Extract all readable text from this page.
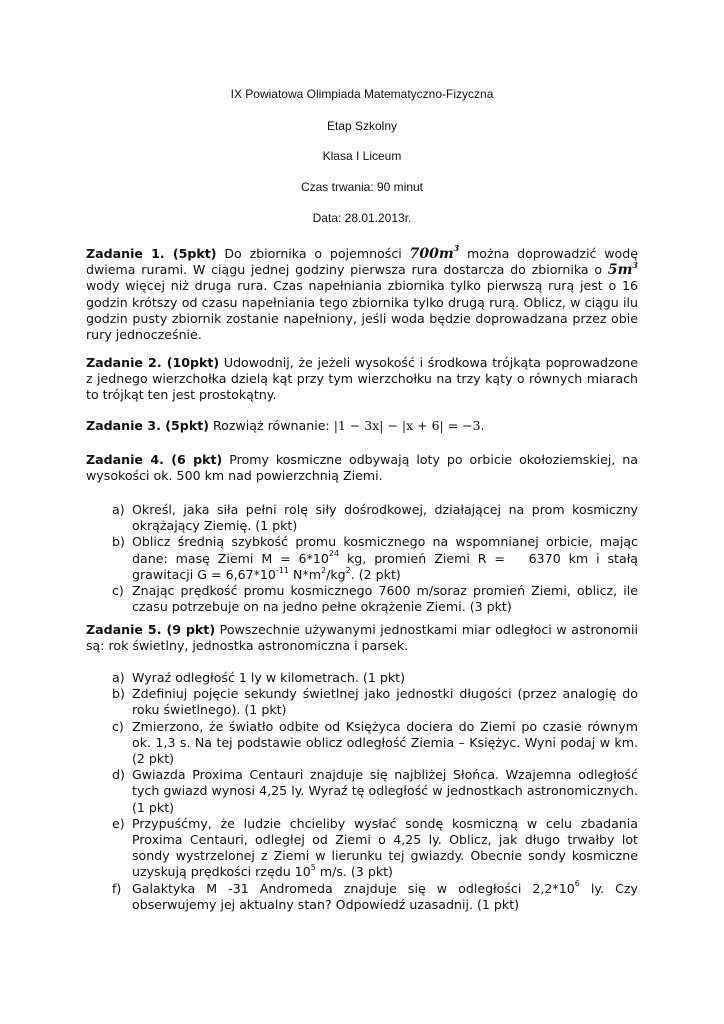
IX Powiatowa Olimpiada Matematyczno-Fizyczna
Etap Szkolny
Klasa I Liceum
Czas trwania: 90 minut
Data: 28.01.2013r.

Zadanie 1. (5pkt) Do zbiornika o pojemności $700m^3$ można doprowadzić wodę dwiema rurami. W ciągu jednej godziny pierwsza rura dostarcza do zbiornika o $5m^3$ wody więcej niż druga rura. Czas napełniania zbiornika tylko pierwszą rurą jest o 16 godzin krótszy od czasu napełniania tego zbiornika tylko drugą rurą. Oblicz, w ciągu ilu godzin pusty zbiornik zostanie napełniony, jeśli woda będzie doprowadzana przez obie rury jednocześnie.

Zadanie 2. (10pkt) Udowodnij, że jeżeli wysokość i środkowa trójkąta poprowadzone z jednego wierzchołka dzielą kąt przy tym wierzchołku na trzy kąty o równych miarach to trójkąt ten jest prostokątny.

Zadanie 3. (5pkt) Rozwiąż równanie: |1 − 3x| − |x + 6| = −3.

Zadanie 4. (6 pkt) Promy kosmiczne odbywają loty po orbicie okołoziemskiej, na wysokości ok. 500 km nad powierzchnią Ziemi.

a) Określ, jaka siła pełni rolę siły dośrodkowej, działającej na prom kosmiczny okrążający Ziemię. (1 pkt)
b) Oblicz średnią szybkość promu kosmicznego na wspomnianej orbicie, mając dane: masę Ziemi $M = 6*10^{24}$ kg, promień Ziemi R =   6370 km i stałą grawitacji $G = 6,67*10^{-11}$ $N*m^2/kg^2$. (2 pkt)
c) Znając prędkość promu kosmicznego 7600 m/soraz promień Ziemi, oblicz, ile czasu potrzebuje on na jedno pełne okrążenie Ziemi. (3 pkt)

Zadanie 5. (9 pkt) Powszechnie używanymi jednostkami miar odległoci w astronomii są: rok świetlny, jednostka astronomiczna i parsek.

a) Wyraź odległość 1 ly w kilometrach. (1 pkt)
b) Zdefiniuj pojęcie sekundy świetlnej jako jednostki długości (przez analogię do roku świetlnego). (1 pkt)
c) Zmierzono, że światło odbite od Księżyca dociera do Ziemi po czasie równym ok. 1,3 s. Na tej podstawie oblicz odległość Ziemia – Księżyc. Wyni podaj w km. (2 pkt)
d) Gwiazda Proxima Centauri znajduje się najbliżej Słońca. Wzajemna odległość tych gwiazd wynosi 4,25 ly. Wyraź tę odległość w jednostkach astronomicznych. (1 pkt)
e) Przypuśćmy, że ludzie chcieliby wysłać sondę kosmiczną w celu zbadania Proxima Centauri, odległej od Ziemi o 4,25 ly. Oblicz, jak długo trwałby lot sondy wystrzelonej z Ziemi w lierunku tej gwiazdy. Obecnie sondy kosmiczne uzyskują prędkości rzędu $10^5$ m/s. (3 pkt)
f) Galaktyka M -31 Andromeda znajduje się w odległości $2,2*10^6$ ly. Czy obserwujemy jej aktualny stan? Odpowiedź uzasadnij. (1 pkt)
